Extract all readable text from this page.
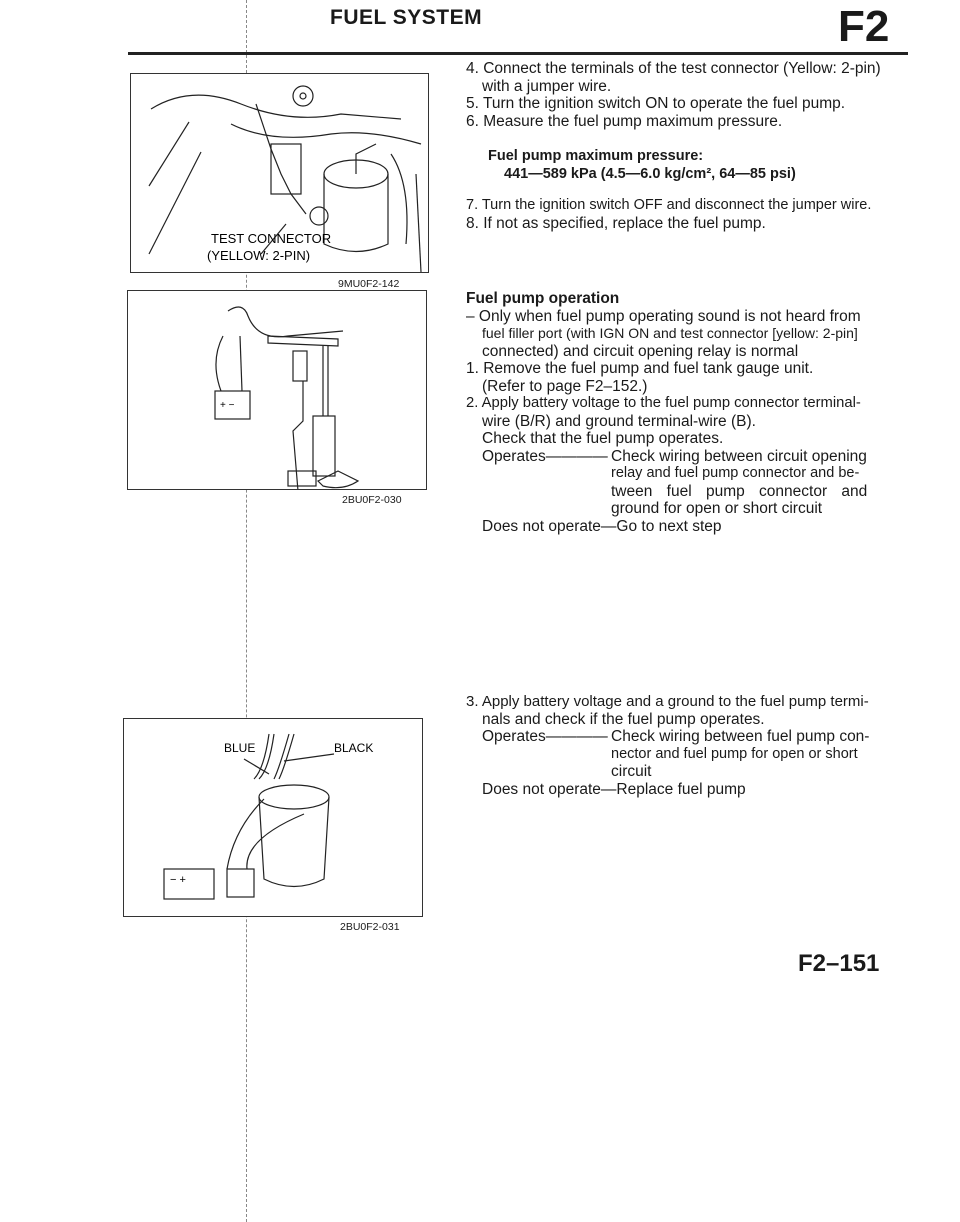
FUEL SYSTEM	F2
TEST CONNECTOR
(YELLOW: 2-PIN)
9MU0F2-142
+ −
2BU0F2-030
− +
BLUE	BLACK
2BU0F2-031
4. Connect the terminals of the test connector (Yellow: 2-pin)
with a jumper wire.
5. Turn the ignition switch ON to operate the fuel pump.
6. Measure the fuel pump maximum pressure.
Fuel pump maximum pressure:
441—589 kPa (4.5—6.0 kg/cm², 64—85 psi)
7. Turn the ignition switch OFF and disconnect the jumper wire.
8. If not as specified, replace the fuel pump.
Fuel pump operation
– Only when fuel pump operating sound is not heard from
fuel filler port (with IGN ON and test connector [yellow: 2-pin]
connected) and circuit opening relay is normal
1. Remove the fuel pump and fuel tank gauge unit.
(Refer to page F2–152.)
2. Apply battery voltage to the fuel pump connector terminal-
wire (B/R) and ground terminal-wire (B).
Check that the fuel pump operates.
Operates———— Check wiring between circuit opening
relay and fuel pump connector and be-
tween fuel pump connector and
ground for open or short circuit
Does not operate—Go to next step
3. Apply battery voltage and a ground to the fuel pump termi-
nals and check if the fuel pump operates.
Operates———— Check wiring between fuel pump con-
nector and fuel pump for open or short
circuit
Does not operate—Replace fuel pump
F2–151
